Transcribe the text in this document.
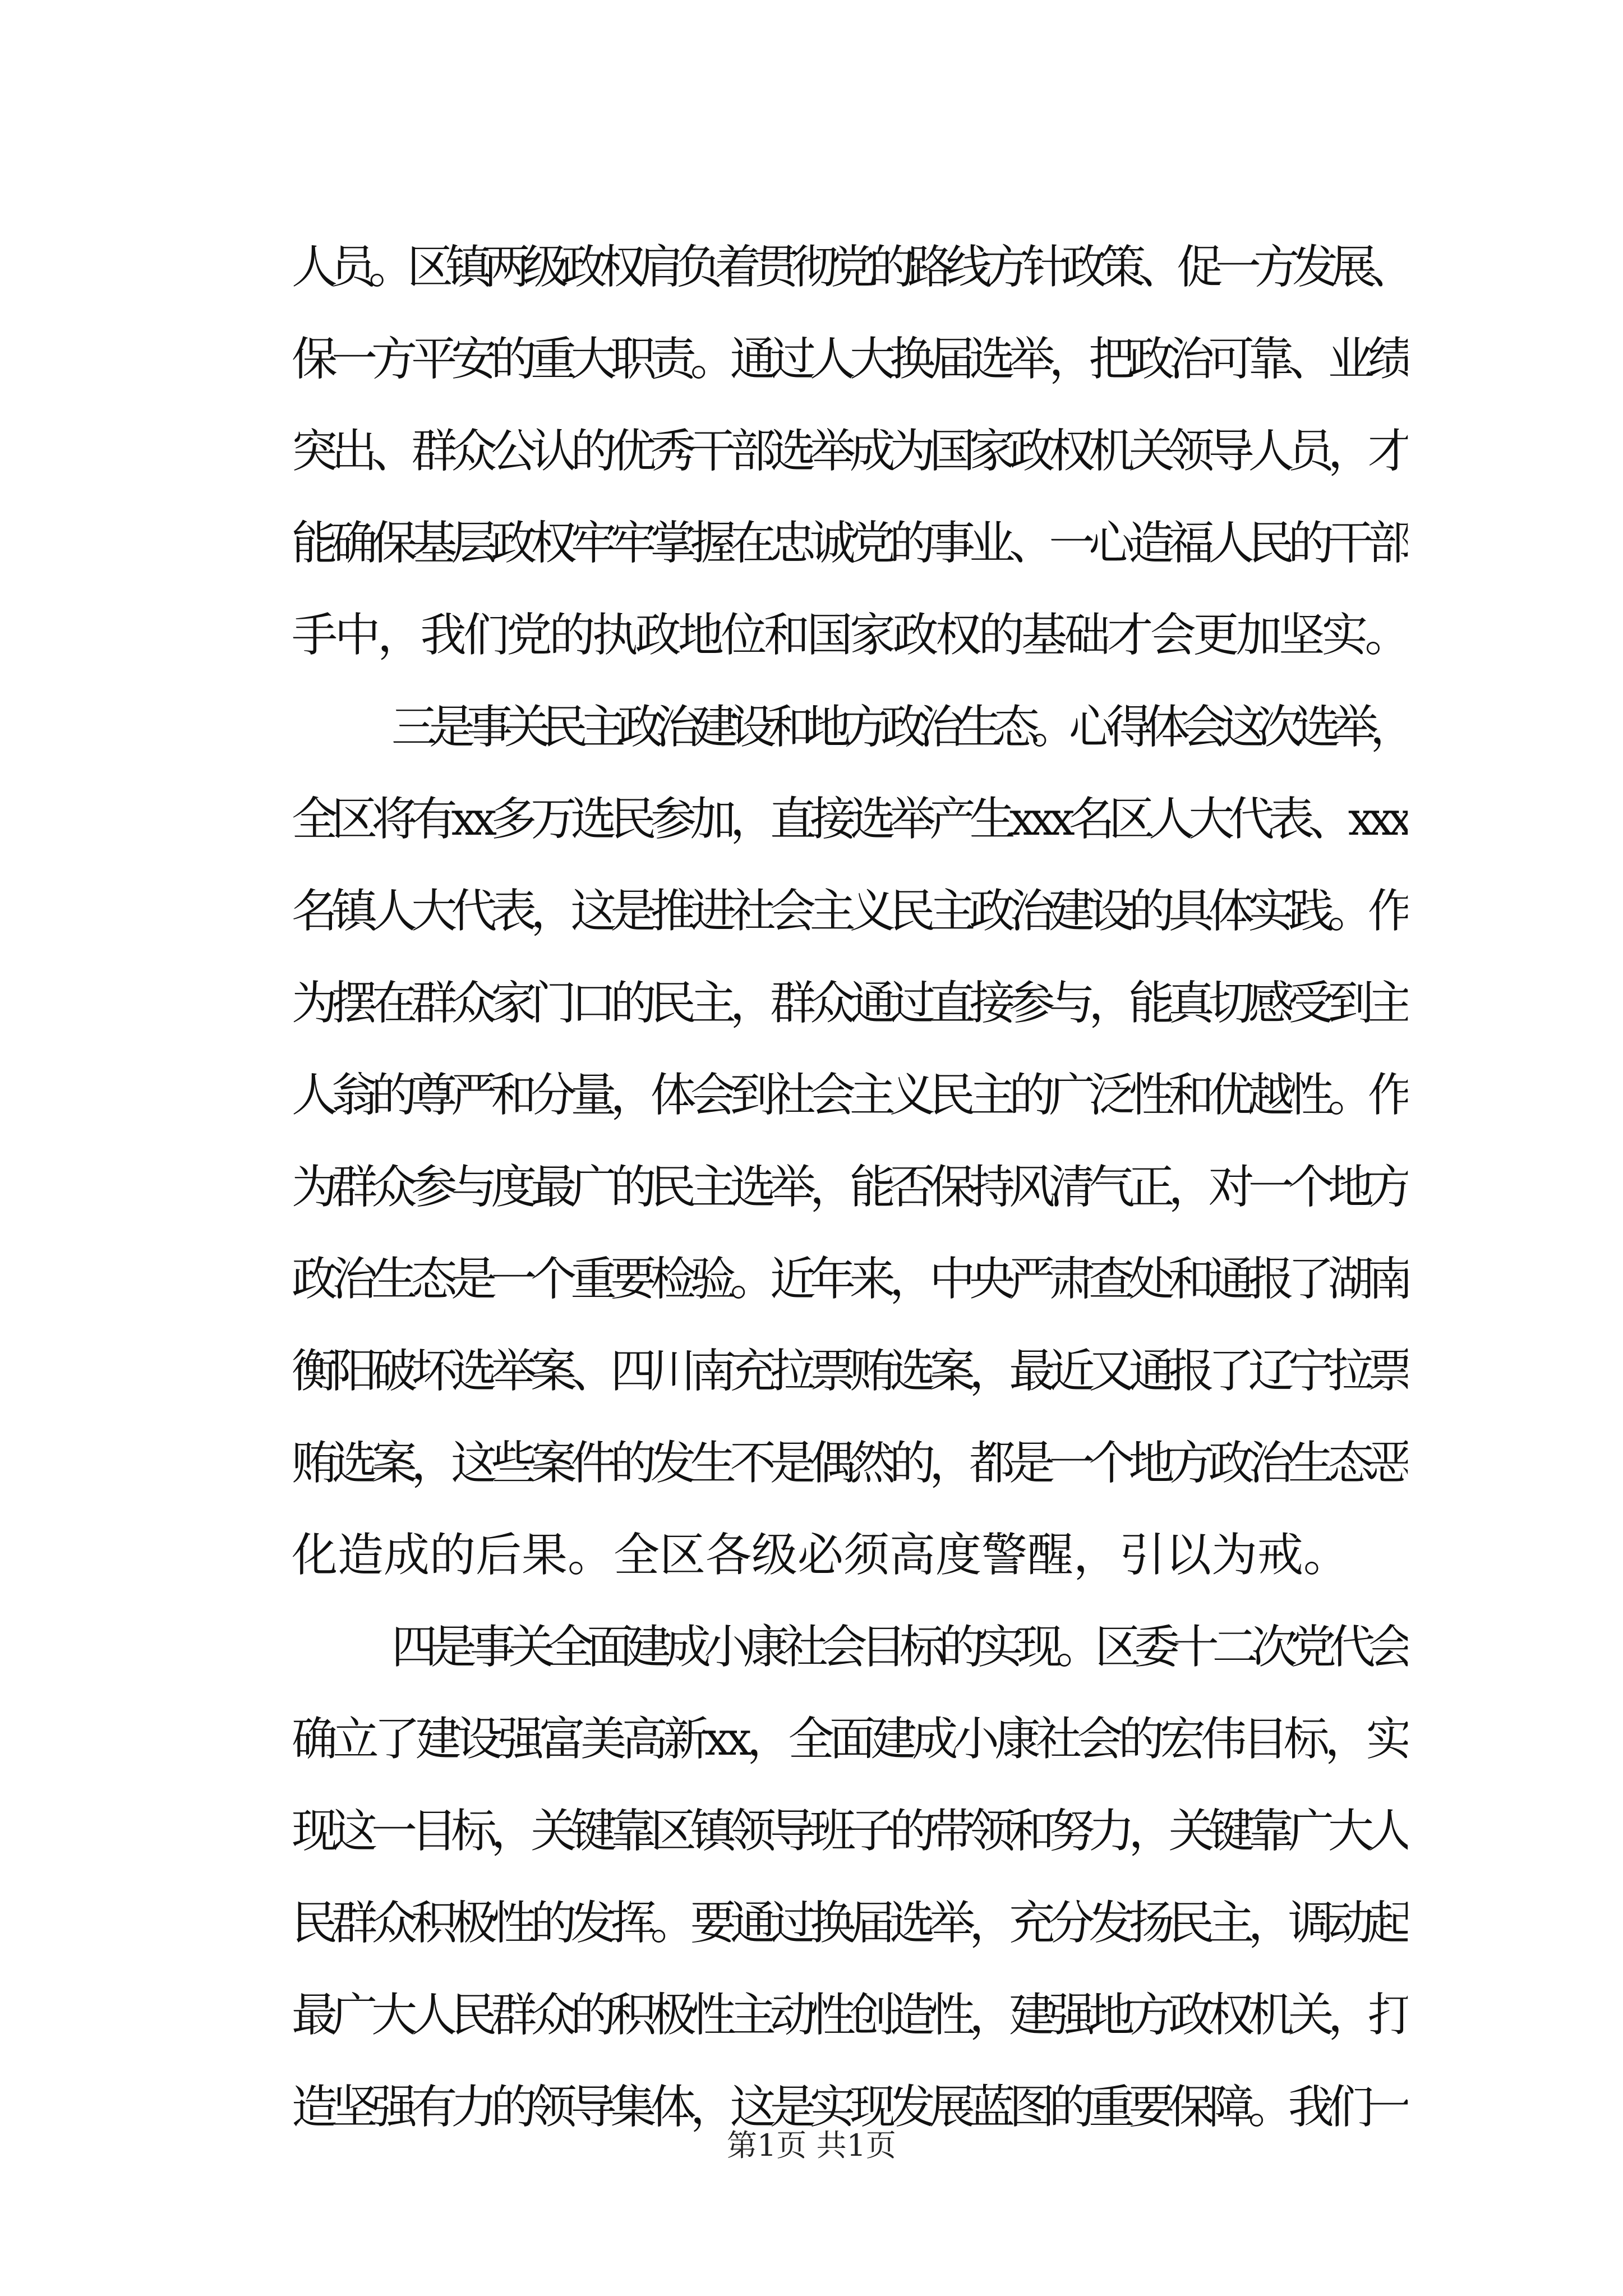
人员。区镇两级政权肩负着贯彻党的路线方针政策、促一方发展、
保一方平安的重大职责。通过人大换届选举，把政治可靠、业绩
突出、群众公认的优秀干部选举成为国家政权机关领导人员，才
能确保基层政权牢牢掌握在忠诚党的事业、一心造福人民的干部
手中，我们党的执政地位和国家政权的基础才会更加坚实。
三是事关民主政治建设和地方政治生态。心得体会这次选举，
全区将有xx多万选民参加，直接选举产生xxx名区人大代表、xxx
名镇人大代表，这是推进社会主义民主政治建设的具体实践。作
为摆在群众家门口的民主，群众通过直接参与，能真切感受到主
人翁的尊严和分量，体会到社会主义民主的广泛性和优越性。作
为群众参与度最广的民主选举，能否保持风清气正，对一个地方
政治生态是一个重要检验。近年来，中央严肃查处和通报了湖南
衡阳破坏选举案、四川南充拉票贿选案，最近又通报了辽宁拉票
贿选案，这些案件的发生不是偶然的，都是一个地方政治生态恶
化造成的后果。全区各级必须高度警醒，引以为戒。
四是事关全面建成小康社会目标的实现。区委十二次党代会
确立了建设强富美高新xx，全面建成小康社会的宏伟目标，实
现这一目标，关键靠区镇领导班子的带领和努力，关键靠广大人
民群众积极性的发挥。要通过换届选举，充分发扬民主，调动起
最广大人民群众的积极性主动性创造性，建强地方政权机关，打
造坚强有力的领导集体，这是实现发展蓝图的重要保障。我们一
第1页 共1页
